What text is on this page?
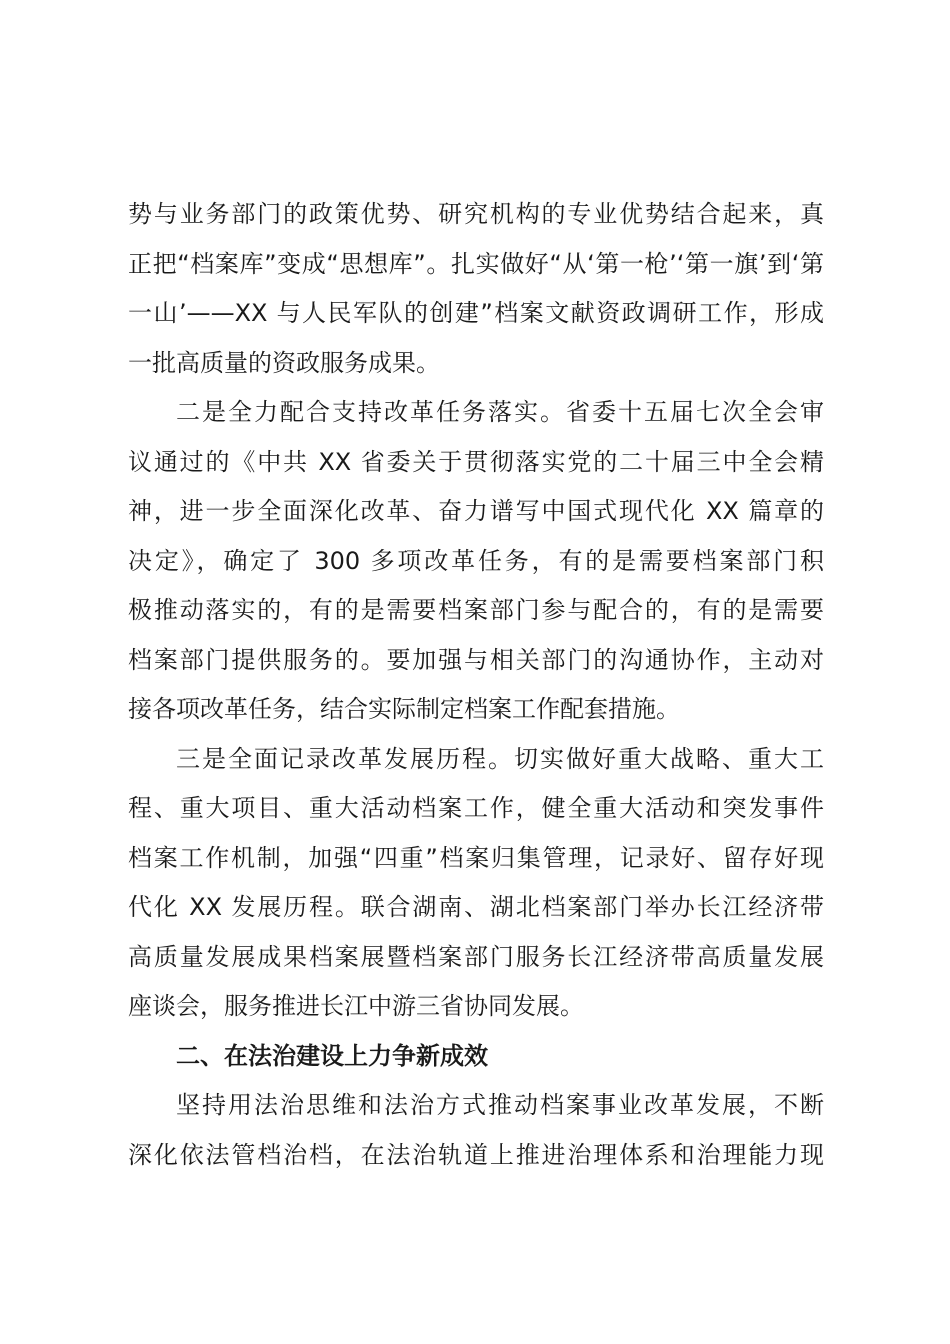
势与业务部门的政策优势、研究机构的专业优势结合起来，真
正把“档案库”变成“思想库”。扎实做好“从‘第一枪’‘第一旗’到‘第
一山’——XX 与人民军队的创建”档案文献资政调研工作，形成
一批高质量的资政服务成果。
二是全力配合支持改革任务落实。省委十五届七次全会审
议通过的《中共 XX 省委关于贯彻落实党的二十届三中全会精
神，进一步全面深化改革、奋力谱写中国式现代化 XX 篇章的
决定》，确定了 300 多项改革任务，有的是需要档案部门积
极推动落实的，有的是需要档案部门参与配合的，有的是需要
档案部门提供服务的。要加强与相关部门的沟通协作，主动对
接各项改革任务，结合实际制定档案工作配套措施。
三是全面记录改革发展历程。切实做好重大战略、重大工
程、重大项目、重大活动档案工作，健全重大活动和突发事件
档案工作机制，加强“四重”档案归集管理，记录好、留存好现
代化 XX 发展历程。联合湖南、湖北档案部门举办长江经济带
高质量发展成果档案展暨档案部门服务长江经济带高质量发展
座谈会，服务推进长江中游三省协同发展。
二、在法治建设上力争新成效
坚持用法治思维和法治方式推动档案事业改革发展，不断
深化依法管档治档，在法治轨道上推进治理体系和治理能力现
